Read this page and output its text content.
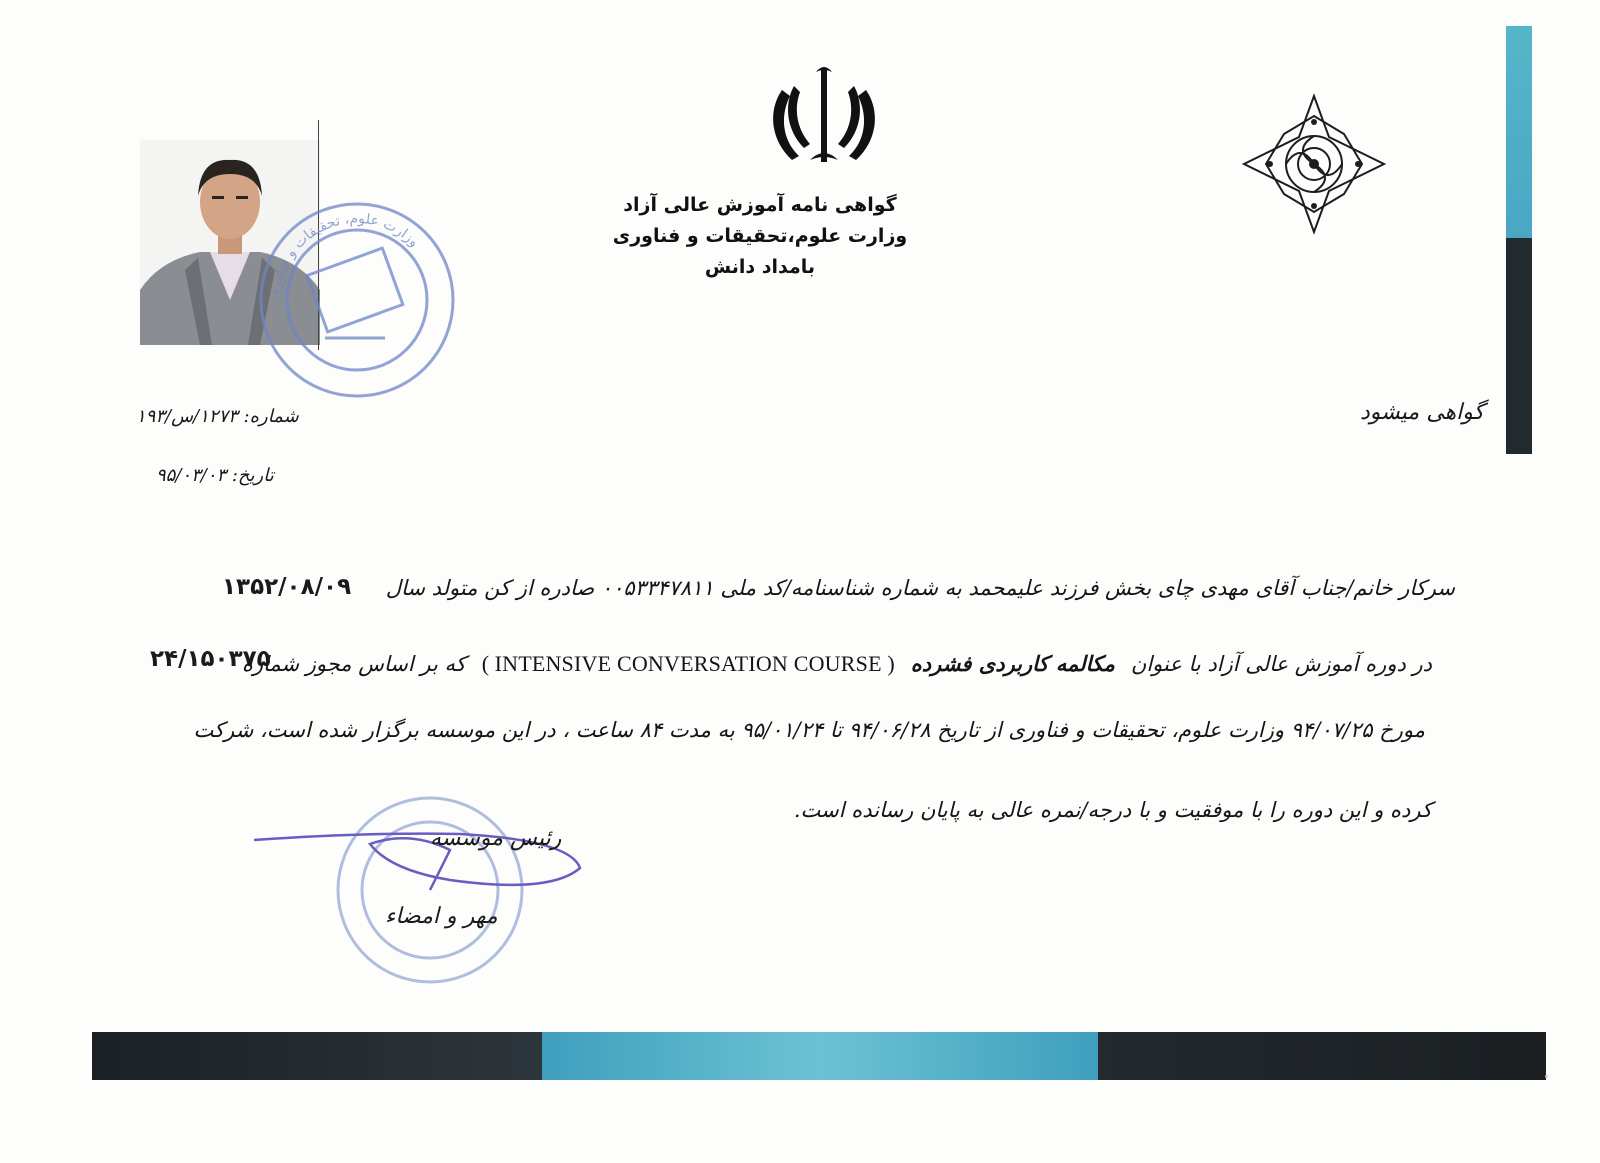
گواهی نامه آموزش عالی آزاد
وزارت علوم،تحقیقات و فناوری
بامداد دانش
وزارت علوم، تحقیقات و فناوری
شماره: ۱۲۷۳/س/۱۹۳
تاریخ: ۹۵/۰۳/۰۳
گواهی میشود
سرکار خانم/جناب آقای مهدی چای بخش فرزند علیمحمد به شماره شناسنامه/کد ملی ۰۰۵۳۳۴۷۸۱۱ صادره از کن متولد سال
۱۳۵۲/۰۸/۰۹
در دوره آموزش عالی آزاد با عنوانمکالمه کاربردی فشرده( INTENSIVE CONVERSATION COURSE )که بر اساس مجوز شماره
۲۴/۱۵۰۳۷۵
مورخ ۹۴/۰۷/۲۵ وزارت علوم، تحقیقات و فناوری از تاریخ ۹۴/۰۶/۲۸ تا ۹۵/۰۱/۲۴ به مدت ۸۴ ساعت ، در این موسسه برگزار شده است، شرکت
کرده و این دوره را با موفقیت و با درجه/نمره عالی به پایان رسانده است.
رئیس موسسه
مهر و امضاء
